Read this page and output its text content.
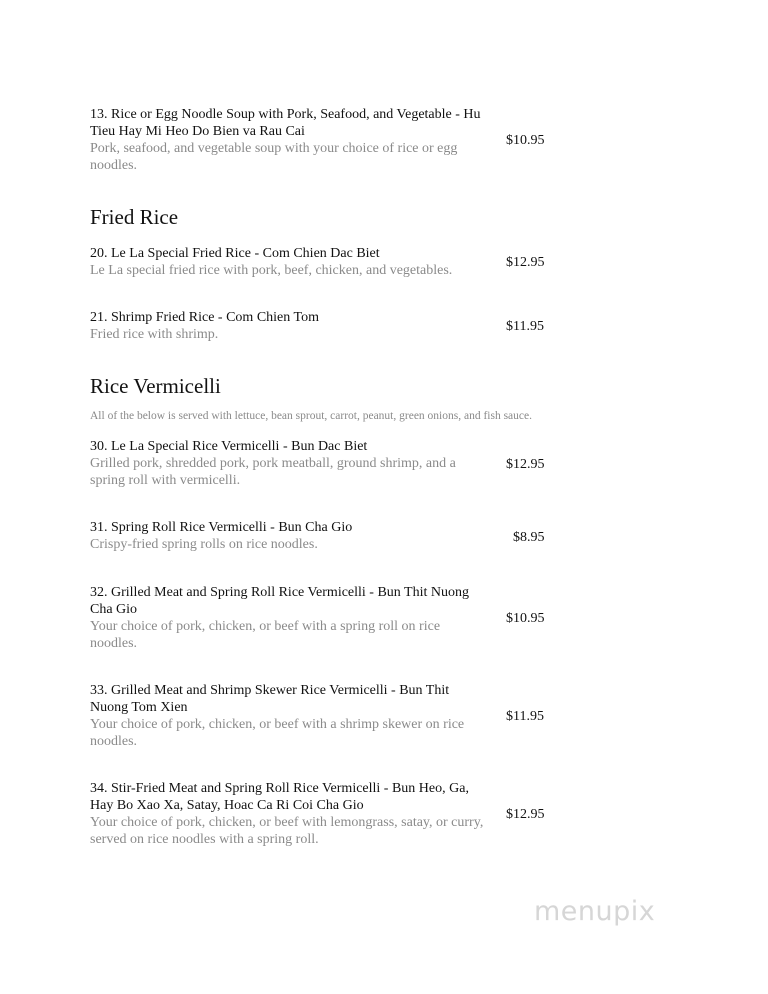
13. Rice or Egg Noodle Soup with Pork, Seafood, and Vegetable - Hu Tieu Hay Mi Heo Do Bien va Rau Cai
Pork, seafood, and vegetable soup with your choice of rice or egg noodles.
$10.95
Fried Rice
20. Le La Special Fried Rice - Com Chien Dac Biet
Le La special fried rice with pork, beef, chicken, and vegetables.
$12.95
21. Shrimp Fried Rice - Com Chien Tom
Fried rice with shrimp.
$11.95
Rice Vermicelli
All of the below is served with lettuce, bean sprout, carrot, peanut, green onions, and fish sauce.
30. Le La Special Rice Vermicelli - Bun Dac Biet
Grilled pork, shredded pork, pork meatball, ground shrimp, and a spring roll with vermicelli.
$12.95
31. Spring Roll Rice Vermicelli - Bun Cha Gio
Crispy-fried spring rolls on rice noodles.	$8.95
32. Grilled Meat and Spring Roll Rice Vermicelli - Bun Thit Nuong Cha Gio
Your choice of pork, chicken, or beef with a spring roll on rice noodles.
$10.95
33. Grilled Meat and Shrimp Skewer Rice Vermicelli - Bun Thit Nuong Tom Xien
Your choice of pork, chicken, or beef with a shrimp skewer on rice noodles.
$11.95
34. Stir-Fried Meat and Spring Roll Rice Vermicelli - Bun Heo, Ga, Hay Bo Xao Xa, Satay, Hoac Ca Ri Coi Cha Gio
Your choice of pork, chicken, or beef with lemongrass, satay, or curry, served on rice noodles with a spring roll.
$12.95
menupix
